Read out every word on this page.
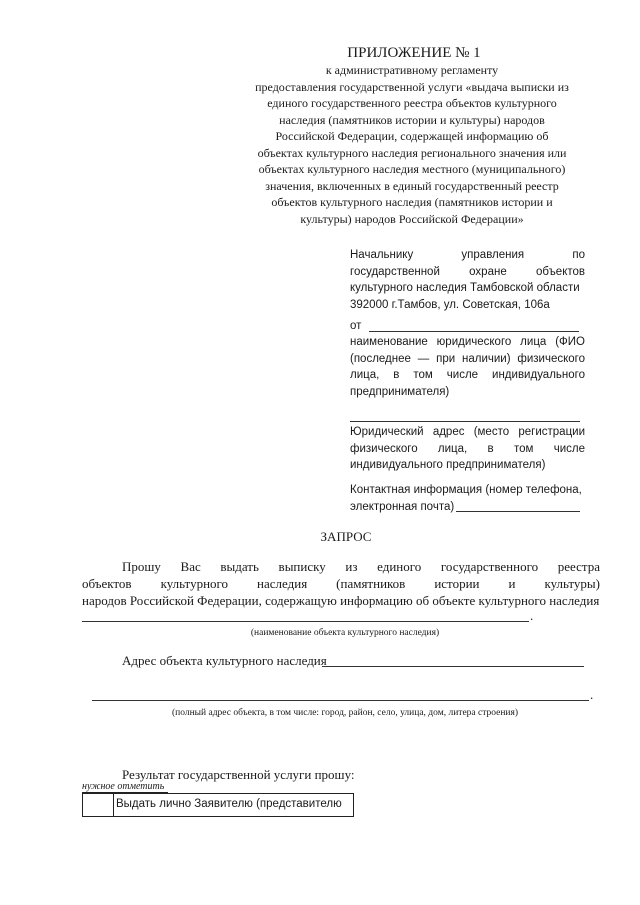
ПРИЛОЖЕНИЕ № 1
к административному регламенту
предоставления государственной услуги «выдача выписки из
единого государственного реестра объектов культурного
наследия (памятников истории и культуры) народов
Российской Федерации, содержащей информацию об
объектах культурного наследия регионального значения или
объектах культурного наследия местного (муниципального)
значения, включенных в единый государственный реестр
объектов культурного наследия (памятников истории и
культуры) народов Российской Федерации»
Начальнику управления по
государственной охране объектов
культурного наследия Тамбовской области
392000 г.Тамбов, ул. Советская, 106а
от
наименование юридического лица (ФИО
(последнее — при наличии) физического
лица, в том числе индивидуального
предпринимателя)
Юридический адрес (место регистрации
физического лица, в том числе
индивидуального предпринимателя)
Контактная информация (номер телефона,
электронная почта)
ЗАПРОС
Прошу Вас выдать выписку из единого государственного реестра
объектов культурного наследия (памятников истории и культуры)
народов Российской Федерации, содержащую информацию об объекте культурного наследия
.
(наименование объекта культурного наследия)
Адрес объекта культурного наследия
.
(полный адрес объекта, в том числе: город, район, село, улица, дом, литера строения)
Результат государственной услуги прошу:
нужное отметить
Выдать лично Заявителю (представителю
